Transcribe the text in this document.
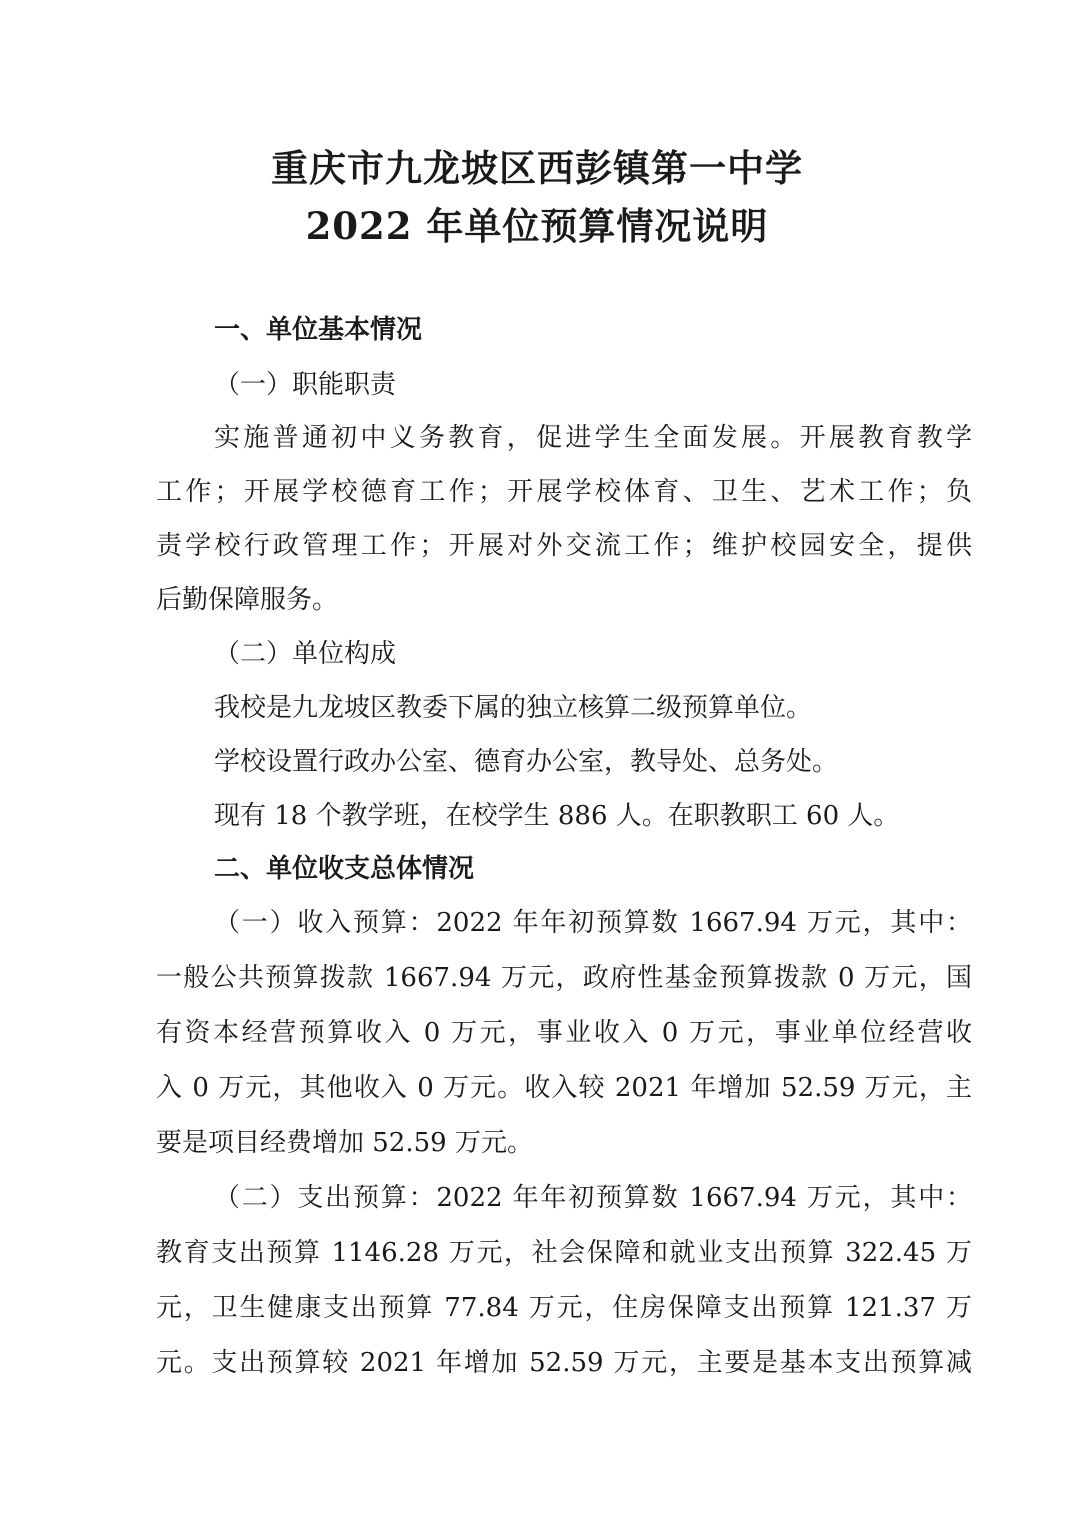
重庆市九龙坡区西彭镇第一中学
2022 年单位预算情况说明
一、单位基本情况
（一）职能职责
实施普通初中义务教育，促进学生全面发展。开展教育教学
工作；开展学校德育工作；开展学校体育、卫生、艺术工作；负
责学校行政管理工作；开展对外交流工作；维护校园安全，提供
后勤保障服务。
（二）单位构成
我校是九龙坡区教委下属的独立核算二级预算单位。
学校设置行政办公室、德育办公室，教导处、总务处。
现有 18 个教学班，在校学生 886 人。在职教职工 60 人。
二、单位收支总体情况
（一）收入预算：2022 年年初预算数 1667.94 万元，其中：
一般公共预算拨款 1667.94 万元，政府性基金预算拨款 0 万元，国
有资本经营预算收入 0 万元，事业收入 0 万元，事业单位经营收
入 0 万元，其他收入 0 万元。收入较 2021 年增加 52.59 万元，主
要是项目经费增加 52.59 万元。
（二）支出预算：2022 年年初预算数 1667.94 万元，其中：
教育支出预算 1146.28 万元，社会保障和就业支出预算 322.45 万
元，卫生健康支出预算 77.84 万元，住房保障支出预算 121.37 万
元。支出预算较 2021 年增加 52.59 万元，主要是基本支出预算减
